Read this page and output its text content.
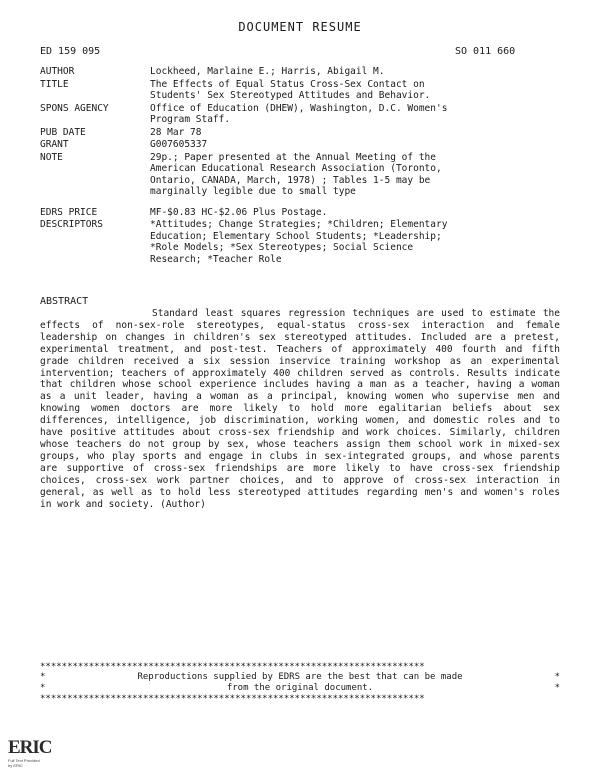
DOCUMENT RESUME
ED 159 095	SO 011 660
AUTHOR	Lockheed, Marlaine E.; Harris, Abigail M.
TITLE	The Effects of Equal Status Cross-Sex Contact on
Students' Sex Stereotyped Attitudes and Behavior.
SPONS AGENCY	Office of Education (DHEW), Washington, D.C. Women's
Program Staff.
PUB DATE	28 Mar 78
GRANT	G007605337
NOTE	29p.; Paper presented at the Annual Meeting of the
American Educational Research Association (Toronto,
Ontario, CANADA, March, 1978) ; Tables 1-5 may be
marginally legible due to small type
EDRS PRICE	MF-$0.83 HC-$2.06 Plus Postage.
DESCRIPTORS	*Attitudes; Change Strategies; *Children; Elementary
Education; Elementary School Students; *Leadership;
*Role Models; *Sex Stereotypes; Social Science
Research; *Teacher Role
ABSTRACT
Standard least squares regression techniques are used to estimate the effects of non-sex-role stereotypes, equal-status cross-sex interaction and female leadership on changes in children's sex stereotyped attitudes. Included are a pretest, experimental treatment, and post-test. Teachers of approximately 400 fourth and fifth grade children received a six session inservice training workshop as an experimental intervention; teachers of approximately 400 children served as controls. Results indicate that children whose school experience includes having a man as a teacher, having a woman as a unit leader, having a woman as a principal, knowing women who supervise men and knowing women doctors are more likely to hold more egalitarian beliefs about sex differences, intelligence, job discrimination, working women, and domestic roles and to have positive attitudes about cross-sex friendship and work choices. Similarly, children whose teachers do not group by sex, whose teachers assign them school work in mixed-sex groups, who play sports and engage in clubs in sex-integrated groups, and whose parents are supportive of cross-sex friendships are more likely to have cross-sex friendship choices, cross-sex work partner choices, and to approve of cross-sex interaction in general, as well as to hold less stereotyped attitudes regarding men's and women's roles in work and society. (Author)
***********************************************************************
*	Reproductions supplied by EDRS are the best that can be made	*
*	from the original document.	*
***********************************************************************
ERIC
Full Text Provided by ERIC
